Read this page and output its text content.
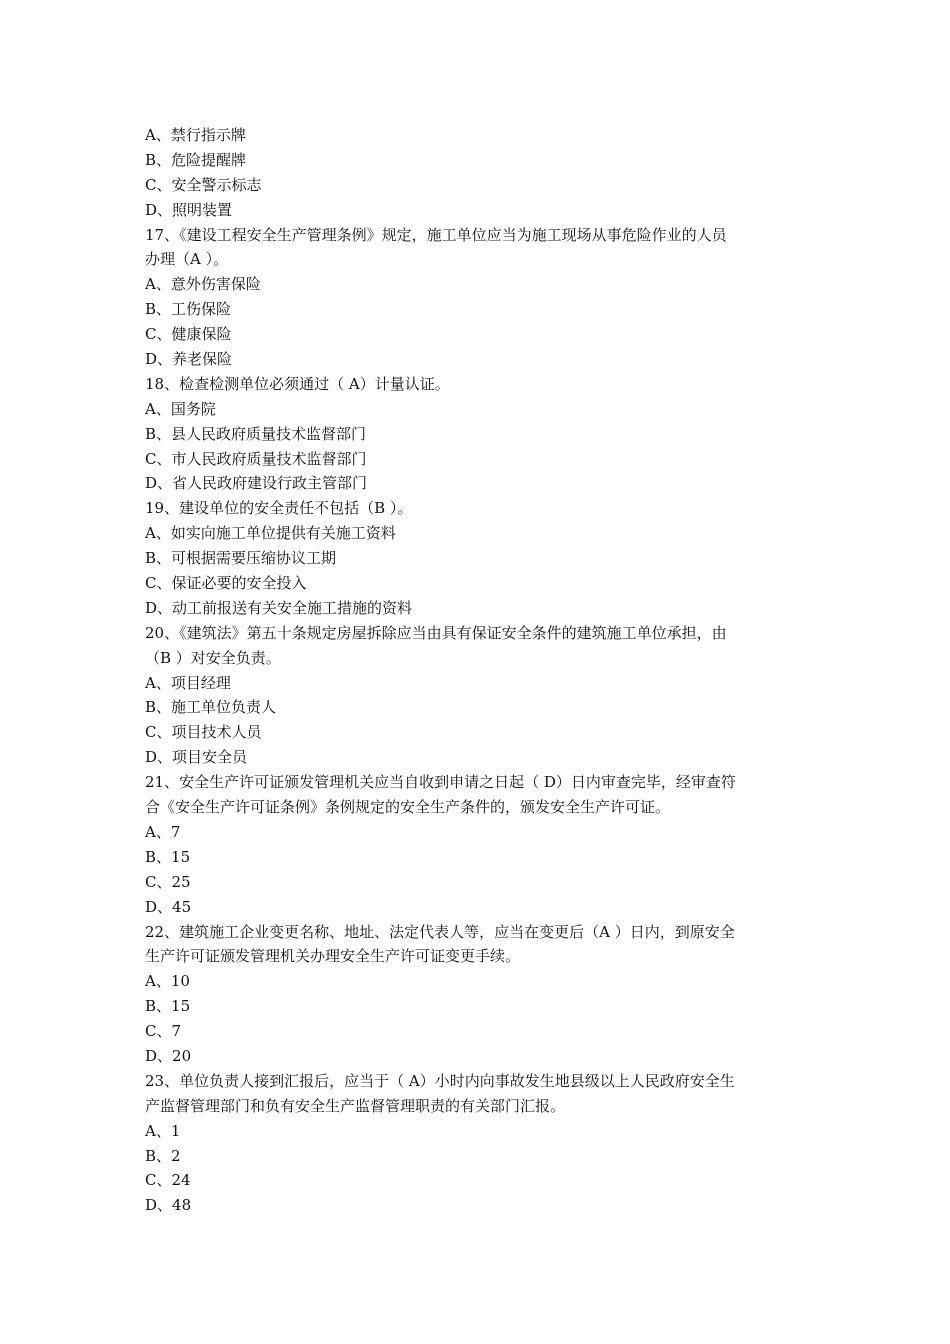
A、禁行指示牌
B、危险提醒牌
C、安全警示标志
D、照明装置
17、《建设工程安全生产管理条例》规定，施工单位应当为施工现场从事危险作业的人员
办理（A ）。
A、意外伤害保险
B、工伤保险
C、健康保险
D、养老保险
18、检查检测单位必须通过（ A）计量认证。
A、国务院
B、县人民政府质量技术监督部门
C、市人民政府质量技术监督部门
D、省人民政府建设行政主管部门
19、建设单位的安全责任不包括（B ）。
A、如实向施工单位提供有关施工资料
B、可根据需要压缩协议工期
C、保证必要的安全投入
D、动工前报送有关安全施工措施的资料
20、《建筑法》第五十条规定房屋拆除应当由具有保证安全条件的建筑施工单位承担，由
（B ）对安全负责。
A、项目经理
B、施工单位负责人
C、项目技术人员
D、项目安全员
21、安全生产许可证颁发管理机关应当自收到申请之日起（ D）日内审查完毕，经审查符
合《安全生产许可证条例》条例规定的安全生产条件的，颁发安全生产许可证。
A、7
B、15
C、25
D、45
22、建筑施工企业变更名称、地址、法定代表人等，应当在变更后（A ）日内，到原安全
生产许可证颁发管理机关办理安全生产许可证变更手续。
A、10
B、15
C、7
D、20
23、单位负责人接到汇报后，应当于（ A）小时内向事故发生地县级以上人民政府安全生
产监督管理部门和负有安全生产监督管理职责的有关部门汇报。
A、1
B、2
C、24
D、48
